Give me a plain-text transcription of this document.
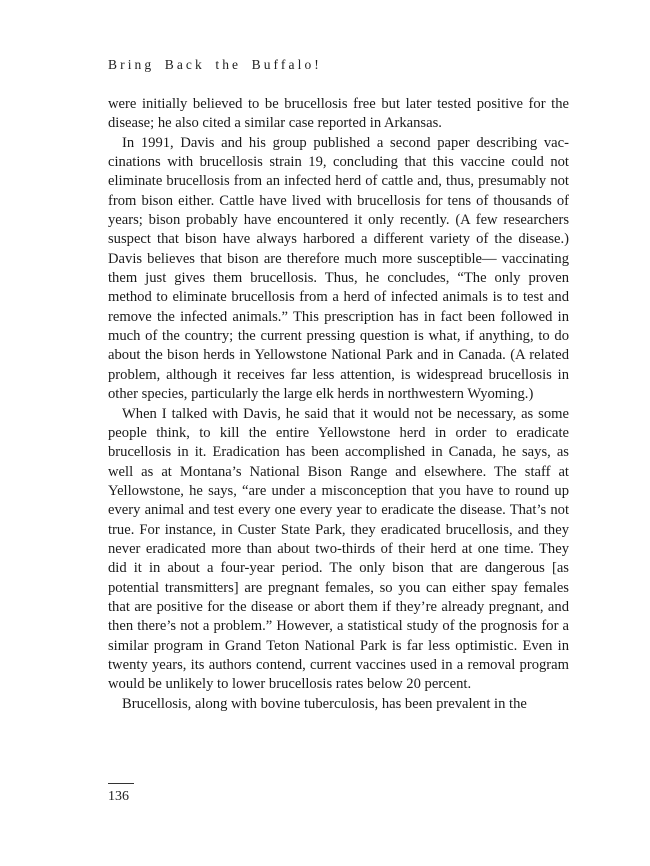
Bring Back the Buffalo!

were initially believed to be brucellosis free but later tested positive for the disease; he also cited a similar case reported in Arkansas.

In 1991, Davis and his group published a second paper describing vaccinations with brucellosis strain 19, concluding that this vaccine could not eliminate brucellosis from an infected herd of cattle and, thus, presumably not from bison either. Cattle have lived with brucellosis for tens of thousands of years; bison probably have encountered it only recently. (A few researchers suspect that bison have always harbored a different variety of the disease.) Davis believes that bison are therefore much more susceptible— vaccinating them just gives them brucellosis. Thus, he concludes, “The only proven method to eliminate brucellosis from a herd of infected animals is to test and remove the infected animals.” This prescription has in fact been followed in much of the country; the current pressing question is what, if anything, to do about the bison herds in Yellowstone National Park and in Canada. (A related problem, although it receives far less attention, is widespread brucellosis in other species, particularly the large elk herds in northwestern Wyoming.)

When I talked with Davis, he said that it would not be necessary, as some people think, to kill the entire Yellowstone herd in order to eradicate brucellosis in it. Eradication has been accomplished in Canada, he says, as well as at Montana’s National Bison Range and elsewhere. The staff at Yellowstone, he says, “are under a misconception that you have to round up every animal and test every one every year to eradicate the disease. That’s not true. For instance, in Custer State Park, they eradicated brucellosis, and they never eradicated more than about two-thirds of their herd at one time. They did it in about a four-year period. The only bison that are dangerous [as potential transmitters] are pregnant females, so you can either spay females that are positive for the disease or abort them if they’re already pregnant, and then there’s not a problem.” However, a statistical study of the prognosis for a similar program in Grand Teton National Park is far less optimistic. Even in twenty years, its authors contend, current vaccines used in a removal program would be unlikely to lower brucellosis rates below 20 percent.

Brucellosis, along with bovine tuberculosis, has been prevalent in the

136
